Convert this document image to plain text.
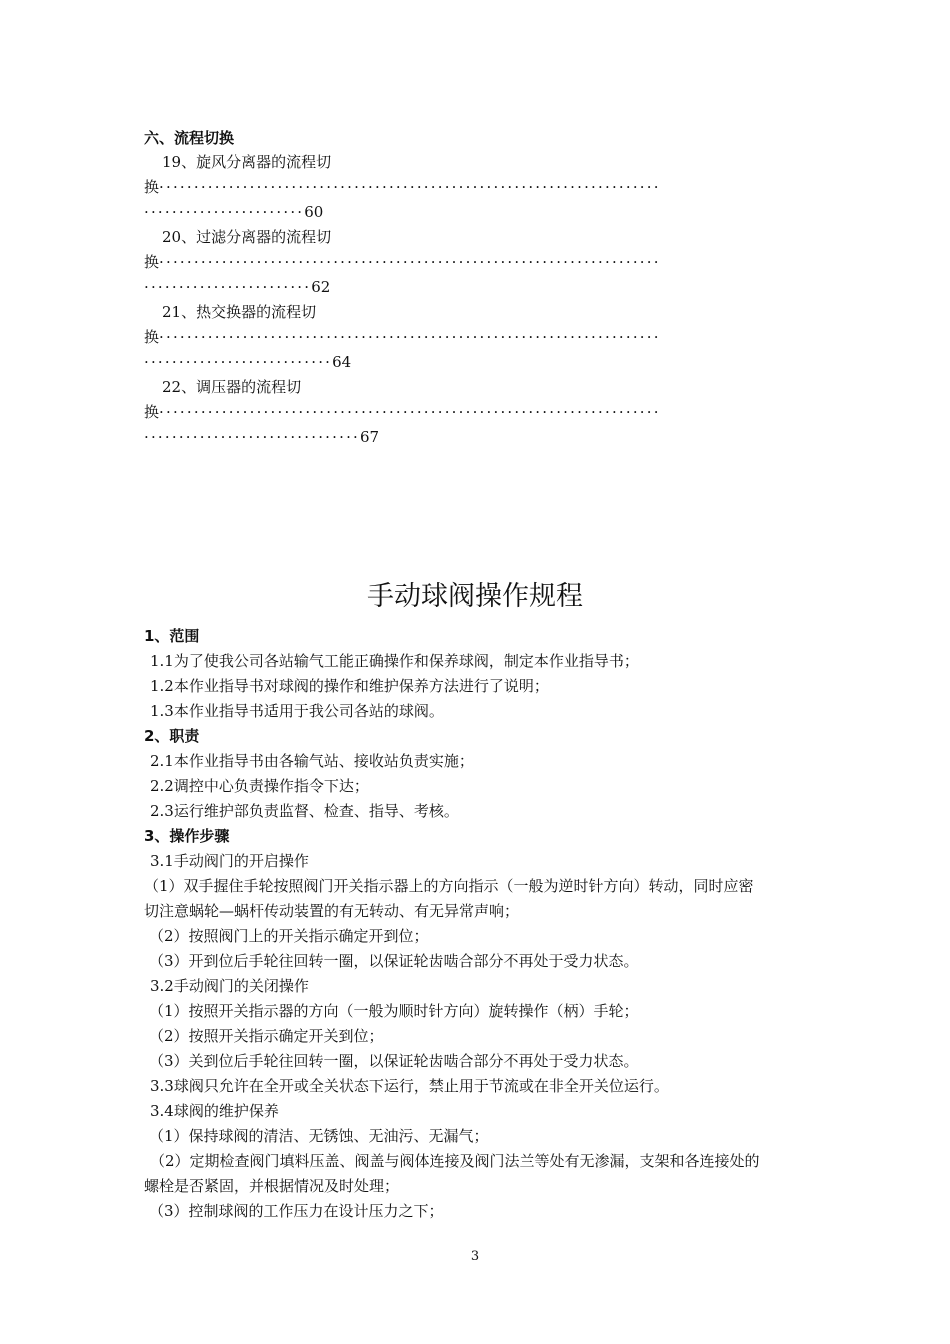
六、流程切换
19、旋风分离器的流程切
换········································································
·······················60
20、过滤分离器的流程切
换········································································
························62
21、热交换器的流程切
换········································································
···························64
22、调压器的流程切
换········································································
·······························67
手动球阀操作规程
1、范围
1.1为了使我公司各站输气工能正确操作和保养球阀，制定本作业指导书；
1.2本作业指导书对球阀的操作和维护保养方法进行了说明；
1.3本作业指导书适用于我公司各站的球阀。
2、职责
2.1本作业指导书由各输气站、接收站负责实施；
2.2调控中心负责操作指令下达；
2.3运行维护部负责监督、检查、指导、考核。
3、操作步骤
3.1手动阀门的开启操作
（1）双手握住手轮按照阀门开关指示器上的方向指示（一般为逆时针方向）转动，同时应密
切注意蜗轮—蜗杆传动装置的有无转动、有无异常声响；
（2）按照阀门上的开关指示确定开到位；
（3）开到位后手轮往回转一圈，以保证轮齿啮合部分不再处于受力状态。
3.2手动阀门的关闭操作
（1）按照开关指示器的方向（一般为顺时针方向）旋转操作（柄）手轮；
（2）按照开关指示确定开关到位；
（3）关到位后手轮往回转一圈，以保证轮齿啮合部分不再处于受力状态。
3.3球阀只允许在全开或全关状态下运行，禁止用于节流或在非全开关位运行。
3.4球阀的维护保养
（1）保持球阀的清洁、无锈蚀、无油污、无漏气；
（2）定期检查阀门填料压盖、阀盖与阀体连接及阀门法兰等处有无渗漏，支架和各连接处的
螺栓是否紧固，并根据情况及时处理；
（3）控制球阀的工作压力在设计压力之下；
3
